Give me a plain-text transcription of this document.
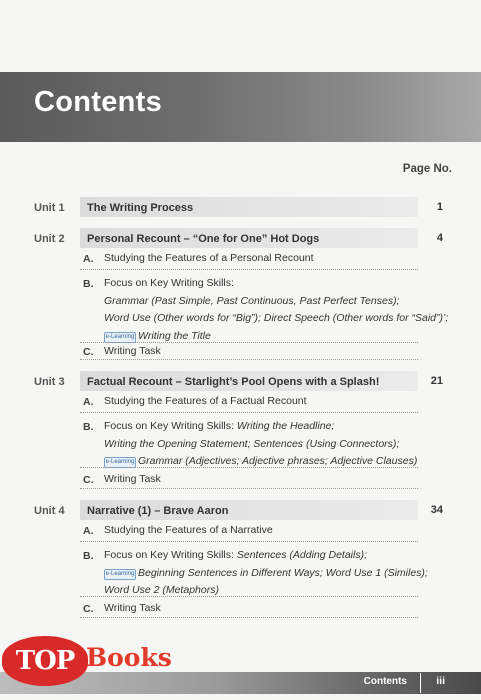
Contents
Page No.
Unit 1 The Writing Process	1
Unit 2 Personal Recount – “One for One” Hot Dogs	4
A. Studying the Features of a Personal Recount
B. Focus on Key Writing Skills:
Grammar (Past Simple, Past Continuous, Past Perfect Tenses);
Word Use (Other words for “Big”); Direct Speech (Other words for “Said”)’;
e-Learning Writing the Title
C. Writing Task
Unit 3 Factual Recount – Starlight’s Pool Opens with a Splash!	21
A. Studying the Features of a Factual Recount
B. Focus on Key Writing Skills: Writing the Headline;
Writing the Opening Statement; Sentences (Using Connectors);
e-Learning Grammar (Adjectives; Adjective phrases; Adjective Clauses)
C. Writing Task
Unit 4 Narrative (1) – Brave Aaron	34
A. Studying the Features of a Narrative
B. Focus on Key Writing Skills: Sentences (Adding Details);
e-Learning Beginning Sentences in Different Ways; Word Use 1 (Similes);
Word Use 2 (Metaphors)
C. Writing Task
Contents	iii
TOP Books
